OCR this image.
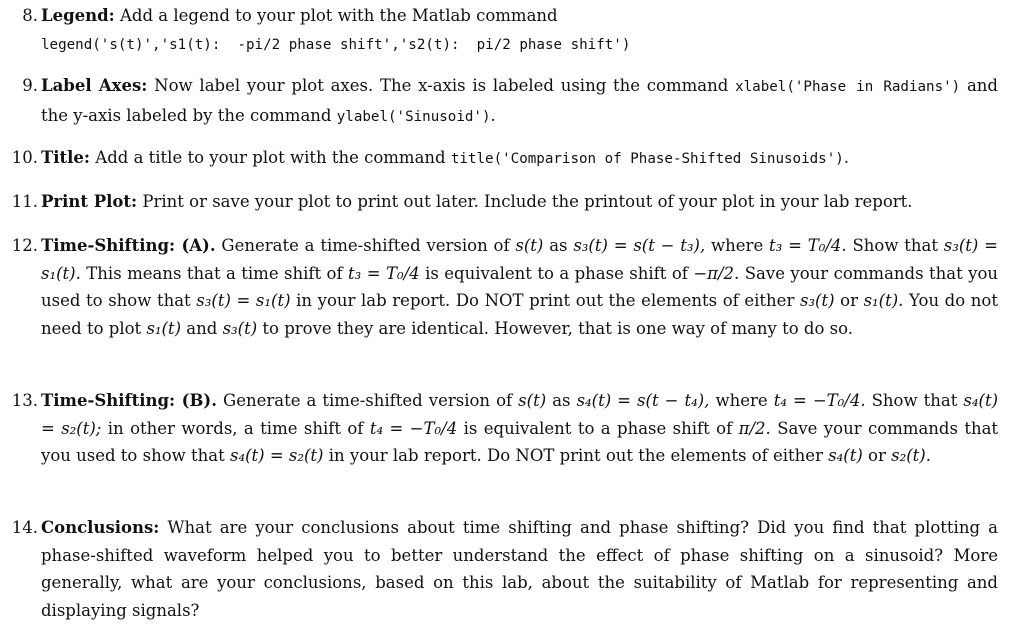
8. Legend: Add a legend to your plot with the Matlab command
legend('s(t)','s1(t):  -pi/2 phase shift','s2(t):  pi/2 phase shift')
9. Label Axes: Now label your plot axes. The x-axis is labeled using the command xlabel('Phase in Radians') and the y-axis labeled by the command ylabel('Sinusoid').
10. Title: Add a title to your plot with the command title('Comparison of Phase-Shifted Sinusoids').
11. Print Plot: Print or save your plot to print out later. Include the printout of your plot in your lab report.
12. Time-Shifting: (A). Generate a time-shifted version of s(t) as s₃(t) = s(t − t₃), where t₃ = T₀/4. Show that s₃(t) = s₁(t). This means that a time shift of t₃ = T₀/4 is equivalent to a phase shift of −π/2. Save your commands that you used to show that s₃(t) = s₁(t) in your lab report. Do NOT print out the elements of either s₃(t) or s₁(t). You do not need to plot s₁(t) and s₃(t) to prove they are identical. However, that is one way of many to do so.
13. Time-Shifting: (B). Generate a time-shifted version of s(t) as s₄(t) = s(t − t₄), where t₄ = −T₀/4. Show that s₄(t) = s₂(t); in other words, a time shift of t₄ = −T₀/4 is equivalent to a phase shift of π/2. Save your commands that you used to show that s₄(t) = s₂(t) in your lab report. Do NOT print out the elements of either s₄(t) or s₂(t).
14. Conclusions: What are your conclusions about time shifting and phase shifting? Did you find that plotting a phase-shifted waveform helped you to better understand the effect of phase shifting on a sinusoid? More generally, what are your conclusions, based on this lab, about the suitability of Matlab for representing and displaying signals?
